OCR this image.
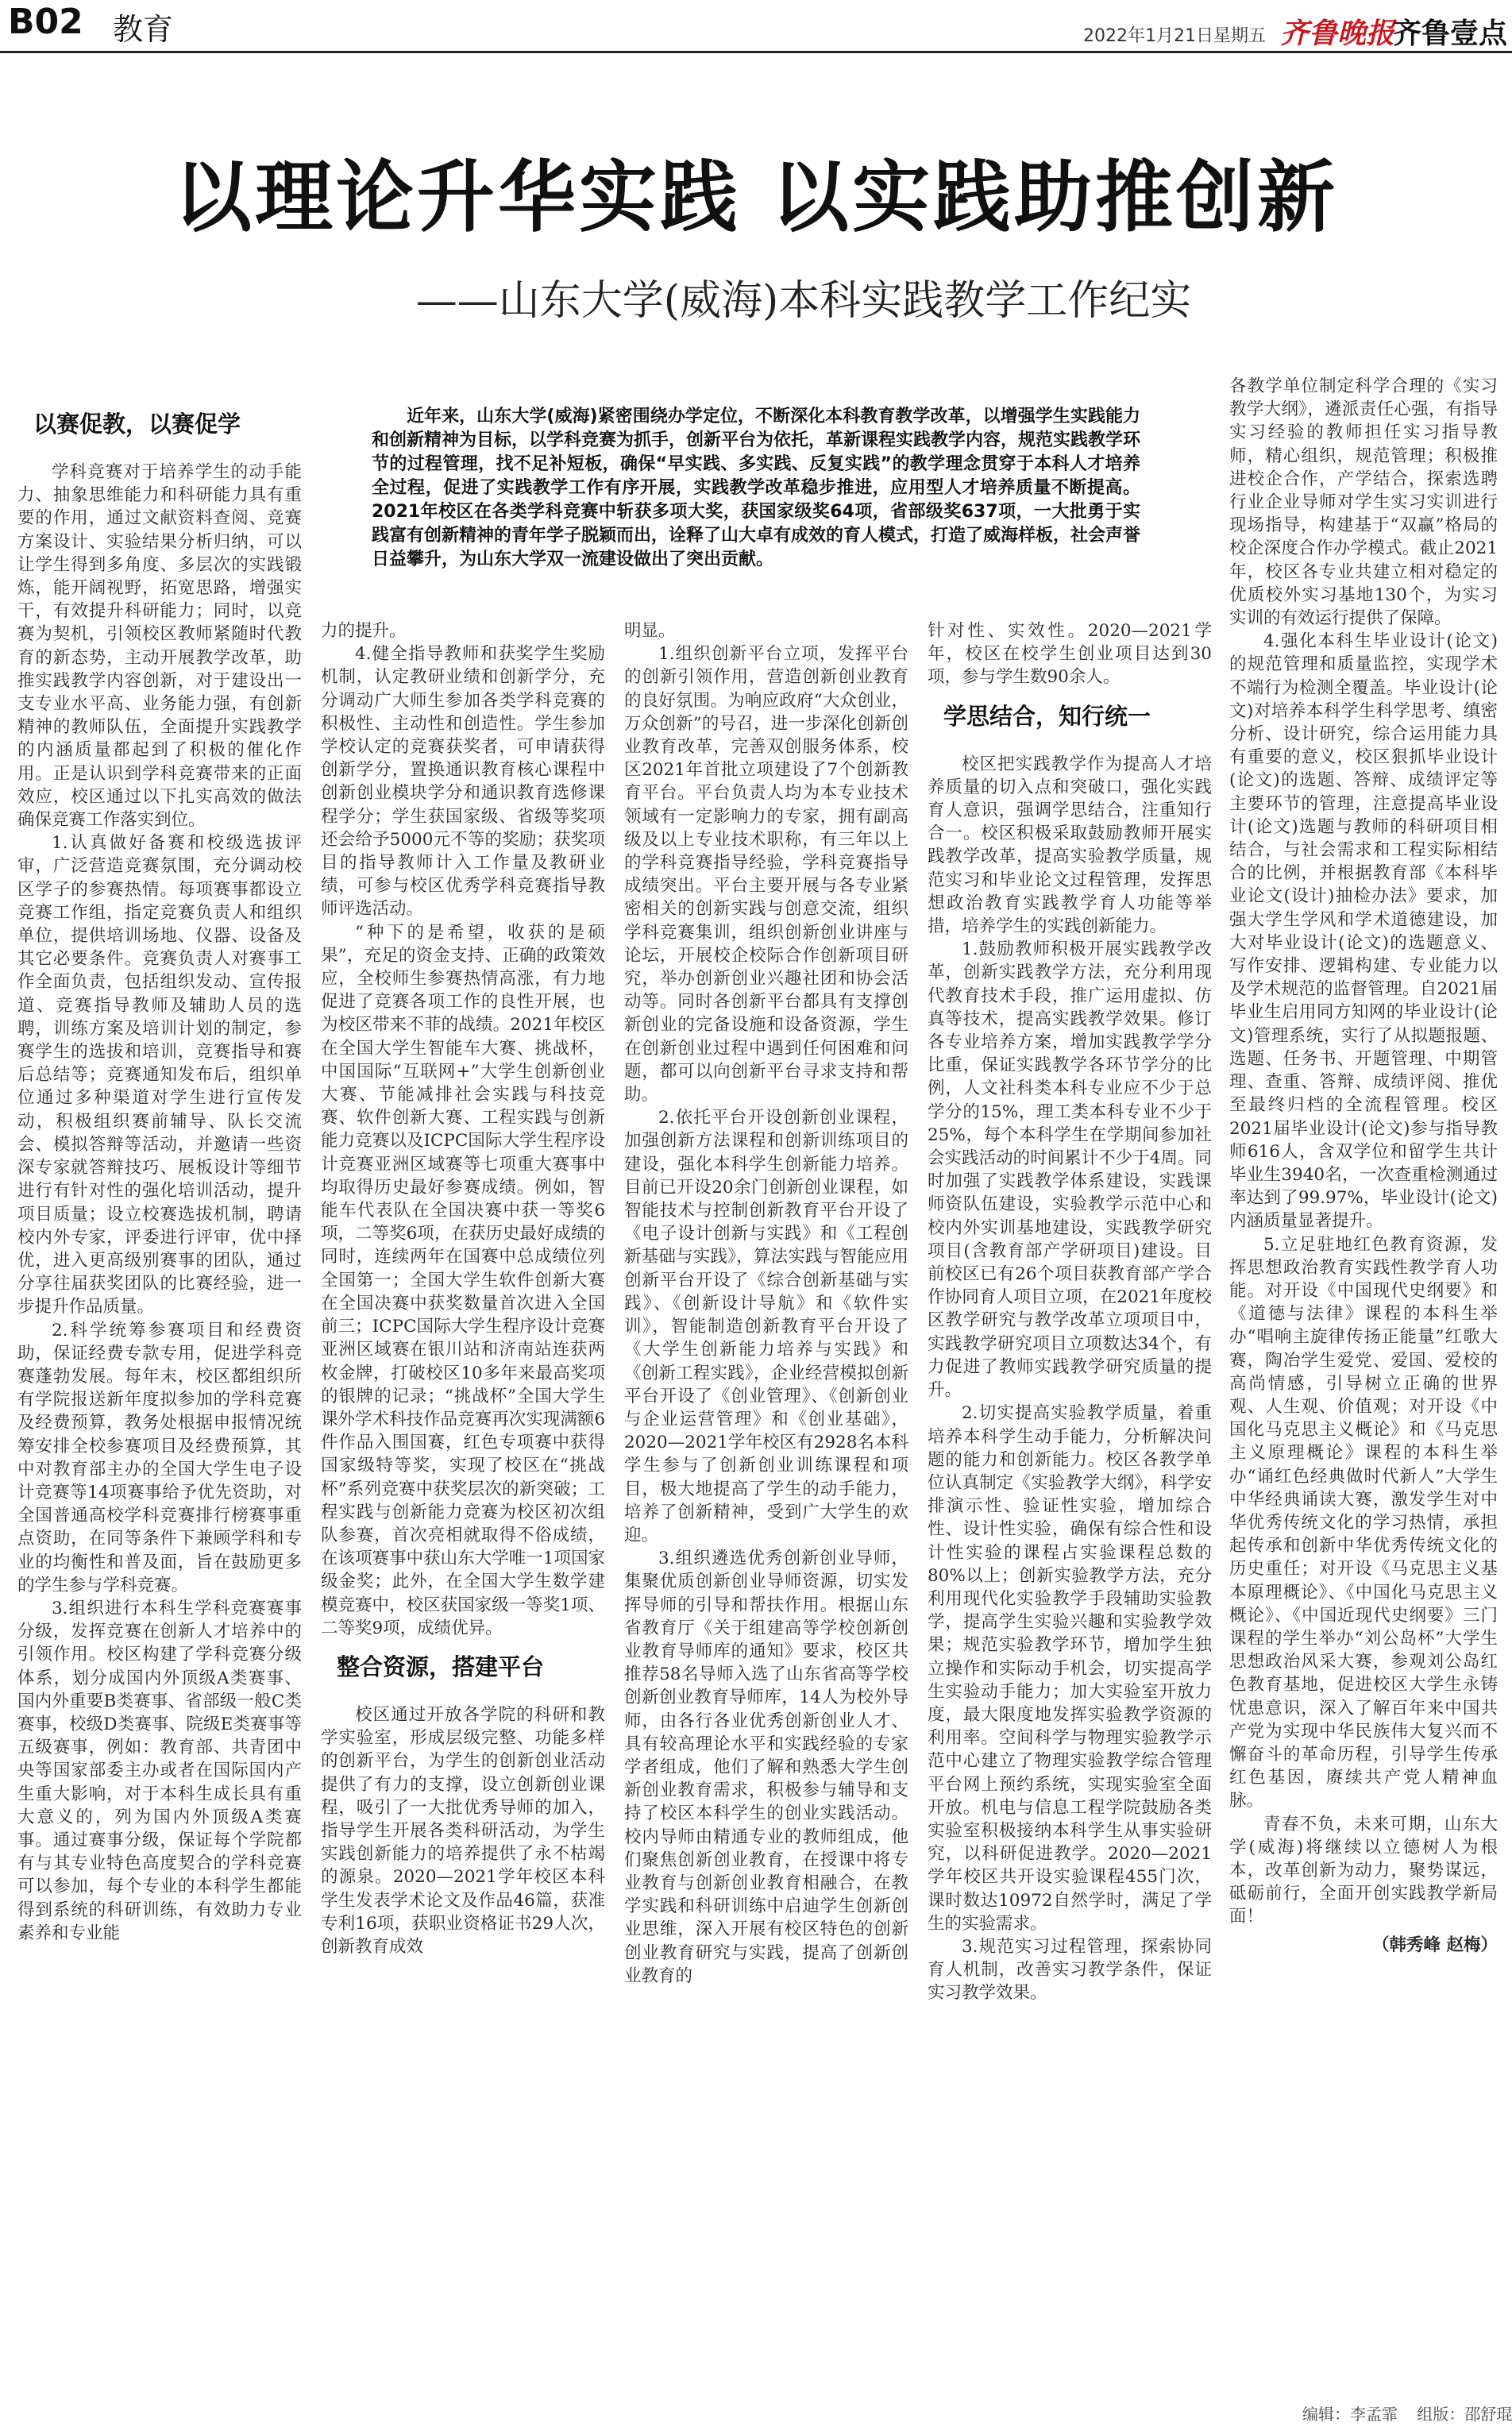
B02 教育	2022年1月21日 星期五 齐鲁晚报
齐鲁壹点
以理论升华实践 以实践助推创新
——山东大学(威海)本科实践教学工作纪实
近年来，山东大学(威海)紧密围绕办学定位，不断深化本科教育教学改革，以增强学生实践能力和创新精神为目标，以学科竞赛为抓手，创新平台为依托，革新课程实践教学内容，规范实践教学环节的过程管理，找不足补短板，确保“早实践、多实践、反复实践”的教学理念贯穿于本科人才培养全过程，促进了实践教学工作有序开展，实践教学改革稳步推进，应用型人才培养质量不断提高。2021年校区在各类学科竞赛中斩获多项大奖，获国家级奖64项，省部级奖637项，一大批勇于实践富有创新精神的青年学子脱颖而出，诠释了山大卓有成效的育人模式，打造了威海样板，社会声誉日益攀升，为山东大学双一流建设做出了突出贡献。
以赛促教，以赛促学

学科竞赛对于培养学生的动手能力、抽象思维能力和科研能力具有重要的作用，通过文献资料查阅、竞赛方案设计、实验结果分析归纳，可以让学生得到多角度、多层次的实践锻炼，能开阔视野，拓宽思路，增强实干，有效提升科研能力；同时，以竞赛为契机，引领校区教师紧随时代教育的新态势，主动开展教学改革，助推实践教学内容创新，对于建设出一支专业水平高、业务能力强，有创新精神的教师队伍，全面提升实践教学的内涵质量都起到了积极的催化作用。正是认识到学科竞赛带来的正面效应，校区通过以下扎实高效的做法确保竞赛工作落实到位。

1.认真做好备赛和校级选拔评审，广泛营造竞赛氛围，充分调动校区学子的参赛热情。每项赛事都设立竞赛工作组，指定竞赛负责人和组织单位，提供培训场地、仪器、设备及其它必要条件。竞赛负责人对赛事工作全面负责，包括组织发动、宣传报道、竞赛指导教师及辅助人员的选聘，训练方案及培训计划的制定，参赛学生的选拔和培训，竞赛指导和赛后总结等；竞赛通知发布后，组织单位通过多种渠道对学生进行宣传发动，积极组织赛前辅导、队长交流会、模拟答辩等活动，并邀请一些资深专家就答辩技巧、展板设计等细节进行有针对性的强化培训活动，提升项目质量；设立校赛选拔机制，聘请校内外专家，评委进行评审，优中择优，进入更高级别赛事的团队，通过分享往届获奖团队的比赛经验，进一步提升作品质量。

2.科学统筹参赛项目和经费资助，保证经费专款专用，促进学科竞赛蓬勃发展。每年末，校区都组织所有学院报送新年度拟参加的学科竞赛及经费预算，教务处根据申报情况统筹安排全校参赛项目及经费预算，其中对教育部主办的全国大学生电子设计竞赛等14项赛事给予优先资助，对全国普通高校学科竞赛排行榜赛事重点资助，在同等条件下兼顾学科和专业的均衡性和普及面，旨在鼓励更多的学生参与学科竞赛。

3.组织进行本科生学科竞赛赛事分级，发挥竞赛在创新人才培养中的引领作用。校区构建了学科竞赛分级体系，划分成国内外顶级A类赛事、国内外重要B类赛事、省部级一般C类赛事，校级D类赛事、院级E类赛事等五级赛事，例如：教育部、共青团中央等国家部委主办或者在国际国内产生重大影响，对于本科生成长具有重大意义的，列为国内外顶级A类赛事。通过赛事分级，保证每个学院都有与其专业特色高度契合的学科竞赛可以参加，每个专业的本科学生都能得到系统的科研训练，有效助力专业素养和专业能

力的提升。

4.健全指导教师和获奖学生奖励机制，认定教研业绩和创新学分，充分调动广大师生参加各类学科竞赛的积极性、主动性和创造性。学生参加学校认定的竞赛获奖者，可申请获得创新学分，置换通识教育核心课程中创新创业模块学分和通识教育选修课程学分；学生获国家级、省级等奖项还会给予5000元不等的奖励；获奖项目的指导教师计入工作量及教研业绩，可参与校区优秀学科竞赛指导教师评选活动。

“种下的是希望，收获的是硕果”，充足的资金支持、正确的政策效应，全校师生参赛热情高涨，有力地促进了竞赛各项工作的良性开展，也为校区带来不菲的战绩。2021年校区在全国大学生智能车大赛、挑战杯，中国国际“互联网+”大学生创新创业大赛、节能减排社会实践与科技竞赛、软件创新大赛、工程实践与创新能力竞赛以及ICPC国际大学生程序设计竞赛亚洲区域赛等七项重大赛事中均取得历史最好参赛成绩。例如，智能车代表队在全国决赛中获一等奖6项，二等奖6项，在获历史最好成绩的同时，连续两年在国赛中总成绩位列全国第一；全国大学生软件创新大赛在全国决赛中获奖数量首次进入全国前三；ICPC国际大学生程序设计竞赛亚洲区域赛在银川站和济南站连获两枚金牌，打破校区10多年来最高奖项的银牌的记录；“挑战杯”全国大学生课外学术科技作品竞赛再次实现满额6件作品入围国赛，红色专项赛中获得国家级特等奖，实现了校区在“挑战杯”系列竞赛中获奖层次的新突破；工程实践与创新能力竞赛为校区初次组队参赛，首次亮相就取得不俗成绩，在该项赛事中获山东大学唯一1项国家级金奖；此外，在全国大学生数学建模竞赛中，校区获国家级一等奖1项、二等奖9项，成绩优异。

整合资源，搭建平台

校区通过开放各学院的科研和教学实验室，形成层级完整、功能多样的创新平台，为学生的创新创业活动提供了有力的支撑，设立创新创业课程，吸引了一大批优秀导师的加入，指导学生开展各类科研活动，为学生实践创新能力的培养提供了永不枯竭的源泉。2020—2021学年校区本科学生发表学术论文及作品46篇，获准专利16项，获职业资格证书29人次，创新教育成效

明显。

1.组织创新平台立项，发挥平台的创新引领作用，营造创新创业教育的良好氛围。为响应政府“大众创业，万众创新”的号召，进一步深化创新创业教育改革，完善双创服务体系，校区2021年首批立项建设了7个创新教育平台。平台负责人均为本专业技术领域有一定影响力的专家，拥有副高级及以上专业技术职称，有三年以上的学科竞赛指导经验，学科竞赛指导成绩突出。平台主要开展与各专业紧密相关的创新实践与创意交流，组织学科竞赛集训，组织创新创业讲座与论坛，开展校企校际合作创新项目研究，举办创新创业兴趣社团和协会活动等。同时各创新平台都具有支撑创新创业的完备设施和设备资源，学生在创新创业过程中遇到任何困难和问题，都可以向创新平台寻求支持和帮助。

2.依托平台开设创新创业课程，加强创新方法课程和创新训练项目的建设，强化本科学生创新能力培养。目前已开设20余门创新创业课程，如智能技术与控制创新教育平台开设了《电子设计创新与实践》和《工程创新基础与实践》，算法实践与智能应用创新平台开设了《综合创新基础与实践》、《创新设计导航》和《软件实训》，智能制造创新教育平台开设了《大学生创新能力培养与实践》和《创新工程实践》，企业经营模拟创新平台开设了《创业管理》、《创新创业与企业运营管理》和《创业基础》，2020—2021学年校区有2928名本科学生参与了创新创业训练课程和项目，极大地提高了学生的动手能力，培养了创新精神，受到广大学生的欢迎。

3.组织遴选优秀创新创业导师，集聚优质创新创业导师资源，切实发挥导师的引导和帮扶作用。根据山东省教育厅《关于组建高等学校创新创业教育导师库的通知》要求，校区共推荐58名导师入选了山东省高等学校创新创业教育导师库，14人为校外导师，由各行各业优秀创新创业人才、具有较高理论水平和实践经验的专家学者组成，他们了解和熟悉大学生创新创业教育需求，积极参与辅导和支持了校区本科学生的创业实践活动。校内导师由精通专业的教师组成，他们聚焦创新创业教育，在授课中将专业教育与创新创业教育相融合，在教学实践和科研训练中启迪学生创新创业思维，深入开展有校区特色的创新创业教育研究与实践，提高了创新创业教育的

针对性、实效性。2020—2021学年，校区在校学生创业项目达到30项，参与学生数90余人。

学思结合，知行统一

校区把实践教学作为提高人才培养质量的切入点和突破口，强化实践育人意识，强调学思结合，注重知行合一。校区积极采取鼓励教师开展实践教学改革，提高实验教学质量，规范实习和毕业论文过程管理，发挥思想政治教育实践教学育人功能等举措，培养学生的实践创新能力。

1.鼓励教师积极开展实践教学改革，创新实践教学方法，充分利用现代教育技术手段，推广运用虚拟、仿真等技术，提高实践教学效果。修订各专业培养方案，增加实践教学学分比重，保证实践教学各环节学分的比例，人文社科类本科专业应不少于总学分的15%，理工类本科专业不少于25%，每个本科学生在学期间参加社会实践活动的时间累计不少于4周。同时加强了实践教学体系建设，实践课师资队伍建设，实验教学示范中心和校内外实训基地建设，实践教学研究项目(含教育部产学研项目)建设。目前校区已有26个项目获教育部产学合作协同育人项目立项，在2021年度校区教学研究与教学改革立项项目中，实践教学研究项目立项数达34个，有力促进了教师实践教学研究质量的提升。

2.切实提高实验教学质量，着重培养本科学生动手能力，分析解决问题的能力和创新能力。校区各教学单位认真制定《实验教学大纲》，科学安排演示性、验证性实验，增加综合性、设计性实验，确保有综合性和设计性实验的课程占实验课程总数的80%以上；创新实验教学方法，充分利用现代化实验教学手段辅助实验教学，提高学生实验兴趣和实验教学效果；规范实验教学环节，增加学生独立操作和实际动手机会，切实提高学生实验动手能力；加大实验室开放力度，最大限度地发挥实验教学资源的利用率。空间科学与物理实验教学示范中心建立了物理实验教学综合管理平台网上预约系统，实现实验室全面开放。机电与信息工程学院鼓励各类实验室积极接纳本科学生从事实验研究，以科研促进教学。2020—2021学年校区共开设实验课程455门次，课时数达10972自然学时，满足了学生的实验需求。

3.规范实习过程管理，探索协同育人机制，改善实习教学条件，保证实习教学效果。

各教学单位制定科学合理的《实习教学大纲》，遴派责任心强，有指导实习经验的教师担任实习指导教师，精心组织，规范管理；积极推进校企合作，产学结合，探索选聘行业企业导师对学生实习实训进行现场指导，构建基于“双赢”格局的校企深度合作办学模式。截止2021年，校区各专业共建立相对稳定的优质校外实习基地130个，为实习实训的有效运行提供了保障。

4.强化本科生毕业设计(论文)的规范管理和质量监控，实现学术不端行为检测全覆盖。毕业设计(论文)对培养本科学生科学思考、缜密分析、设计研究，综合运用能力具有重要的意义，校区狠抓毕业设计(论文)的选题、答辩、成绩评定等主要环节的管理，注意提高毕业设计(论文)选题与教师的科研项目相结合，与社会需求和工程实际相结合的比例，并根据教育部《本科毕业论文(设计)抽检办法》要求，加强大学生学风和学术道德建设，加大对毕业设计(论文)的选题意义、写作安排、逻辑构建、专业能力以及学术规范的监督管理。自2021届毕业生启用同方知网的毕业设计(论文)管理系统，实行了从拟题报题、选题、任务书、开题管理、中期管理、查重、答辩、成绩评阅、推优至最终归档的全流程管理。校区2021届毕业设计(论文)参与指导教师616人，含双学位和留学生共计毕业生3940名，一次查重检测通过率达到了99.97%，毕业设计(论文)内涵质量显著提升。

5.立足驻地红色教育资源，发挥思想政治教育实践性教学育人功能。对开设《中国现代史纲要》和《道德与法律》课程的本科生举办“唱响主旋律传扬正能量”红歌大赛，陶冶学生爱党、爱国、爱校的高尚情感，引导树立正确的世界观、人生观、价值观；对开设《中国化马克思主义概论》和《马克思主义原理概论》课程的本科生举办“诵红色经典做时代新人”大学生中华经典诵读大赛，激发学生对中华优秀传统文化的学习热情，承担起传承和创新中华优秀传统文化的历史重任；对开设《马克思主义基本原理概论》、《中国化马克思主义概论》、《中国近现代史纲要》三门课程的学生举办“刘公岛杯”大学生思想政治风采大赛，参观刘公岛红色教育基地，促进校区大学生永铸忧患意识，深入了解百年来中国共产党为实现中华民族伟大复兴而不懈奋斗的革命历程，引导学生传承红色基因，赓续共产党人精神血脉。

青春不负，未来可期，山东大学(威海)将继续以立德树人为根本，改革创新为动力，聚势谋远，砥砺前行，全面开创实践教学新局面！

（韩秀峰 赵梅）

编辑：李孟霏 组版：邵舒琨
